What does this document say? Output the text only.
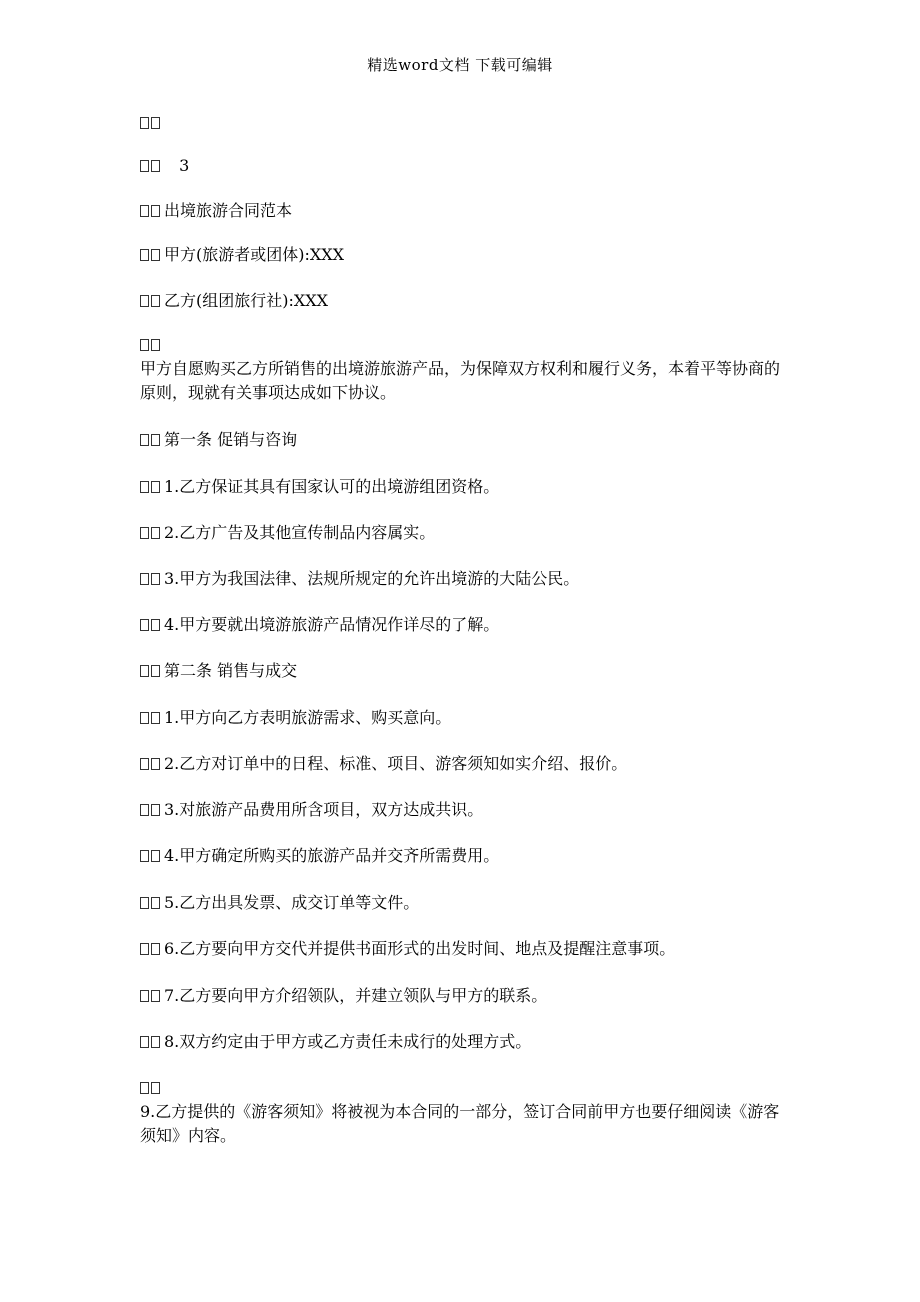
精选word文档 下载可编辑
3
出境旅游合同范本
甲方(旅游者或团体):XXX
乙方(组团旅行社):XXX
甲方自愿购买乙方所销售的出境游旅游产品，为保障双方权利和履行义务，本着平等协商的原则，现就有关事项达成如下协议。
第一条 促销与咨询
1.乙方保证其具有国家认可的出境游组团资格。
2.乙方广告及其他宣传制品内容属实。
3.甲方为我国法律、法规所规定的允许出境游的大陆公民。
4.甲方要就出境游旅游产品情况作详尽的了解。
第二条 销售与成交
1.甲方向乙方表明旅游需求、购买意向。
2.乙方对订单中的日程、标准、项目、游客须知如实介绍、报价。
3.对旅游产品费用所含项目，双方达成共识。
4.甲方确定所购买的旅游产品并交齐所需费用。
5.乙方出具发票、成交订单等文件。
6.乙方要向甲方交代并提供书面形式的出发时间、地点及提醒注意事项。
7.乙方要向甲方介绍领队，并建立领队与甲方的联系。
8.双方约定由于甲方或乙方责任未成行的处理方式。
9.乙方提供的《游客须知》将被视为本合同的一部分，签订合同前甲方也要仔细阅读《游客须知》内容。
